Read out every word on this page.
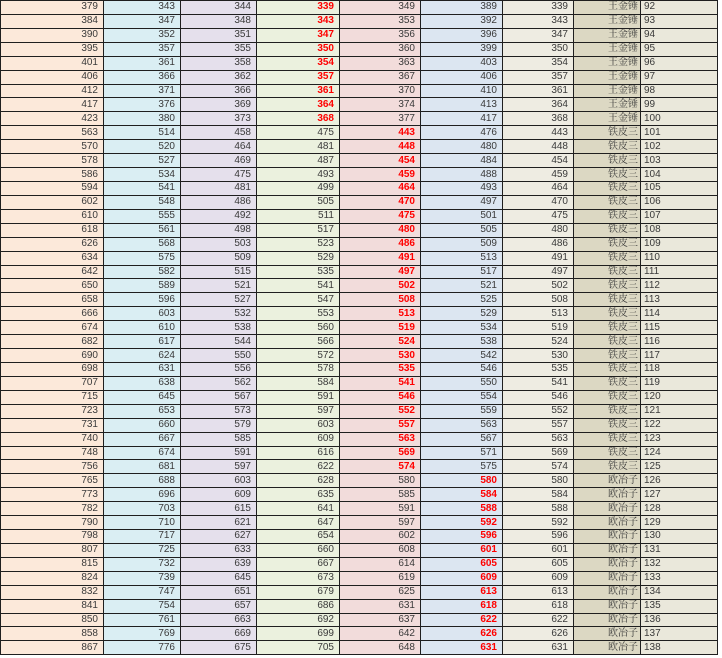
379	343	344	339	349	389	339	王金锤	92
384	347	348	343	353	392	343	王金锤	93
390	352	351	347	356	396	347	王金锤	94
395	357	355	350	360	399	350	王金锤	95
401	361	358	354	363	403	354	王金锤	96
406	366	362	357	367	406	357	王金锤	97
412	371	366	361	370	410	361	王金锤	98
417	376	369	364	374	413	364	王金锤	99
423	380	373	368	377	417	368	王金锤	100
563	514	458	475	443	476	443	铁皮三	101
570	520	464	481	448	480	448	铁皮三	102
578	527	469	487	454	484	454	铁皮三	103
586	534	475	493	459	488	459	铁皮三	104
594	541	481	499	464	493	464	铁皮三	105
602	548	486	505	470	497	470	铁皮三	106
610	555	492	511	475	501	475	铁皮三	107
618	561	498	517	480	505	480	铁皮三	108
626	568	503	523	486	509	486	铁皮三	109
634	575	509	529	491	513	491	铁皮三	110
642	582	515	535	497	517	497	铁皮三	111
650	589	521	541	502	521	502	铁皮三	112
658	596	527	547	508	525	508	铁皮三	113
666	603	532	553	513	529	513	铁皮三	114
674	610	538	560	519	534	519	铁皮三	115
682	617	544	566	524	538	524	铁皮三	116
690	624	550	572	530	542	530	铁皮三	117
698	631	556	578	535	546	535	铁皮三	118
707	638	562	584	541	550	541	铁皮三	119
715	645	567	591	546	554	546	铁皮三	120
723	653	573	597	552	559	552	铁皮三	121
731	660	579	603	557	563	557	铁皮三	122
740	667	585	609	563	567	563	铁皮三	123
748	674	591	616	569	571	569	铁皮三	124
756	681	597	622	574	575	574	铁皮三	125
765	688	603	628	580	580	580	欧冶子	126
773	696	609	635	585	584	584	欧冶子	127
782	703	615	641	591	588	588	欧冶子	128
790	710	621	647	597	592	592	欧冶子	129
798	717	627	654	602	596	596	欧冶子	130
807	725	633	660	608	601	601	欧冶子	131
815	732	639	667	614	605	605	欧冶子	132
824	739	645	673	619	609	609	欧冶子	133
832	747	651	679	625	613	613	欧冶子	134
841	754	657	686	631	618	618	欧冶子	135
850	761	663	692	637	622	622	欧冶子	136
858	769	669	699	642	626	626	欧冶子	137
867	776	675	705	648	631	631	欧冶子	138
